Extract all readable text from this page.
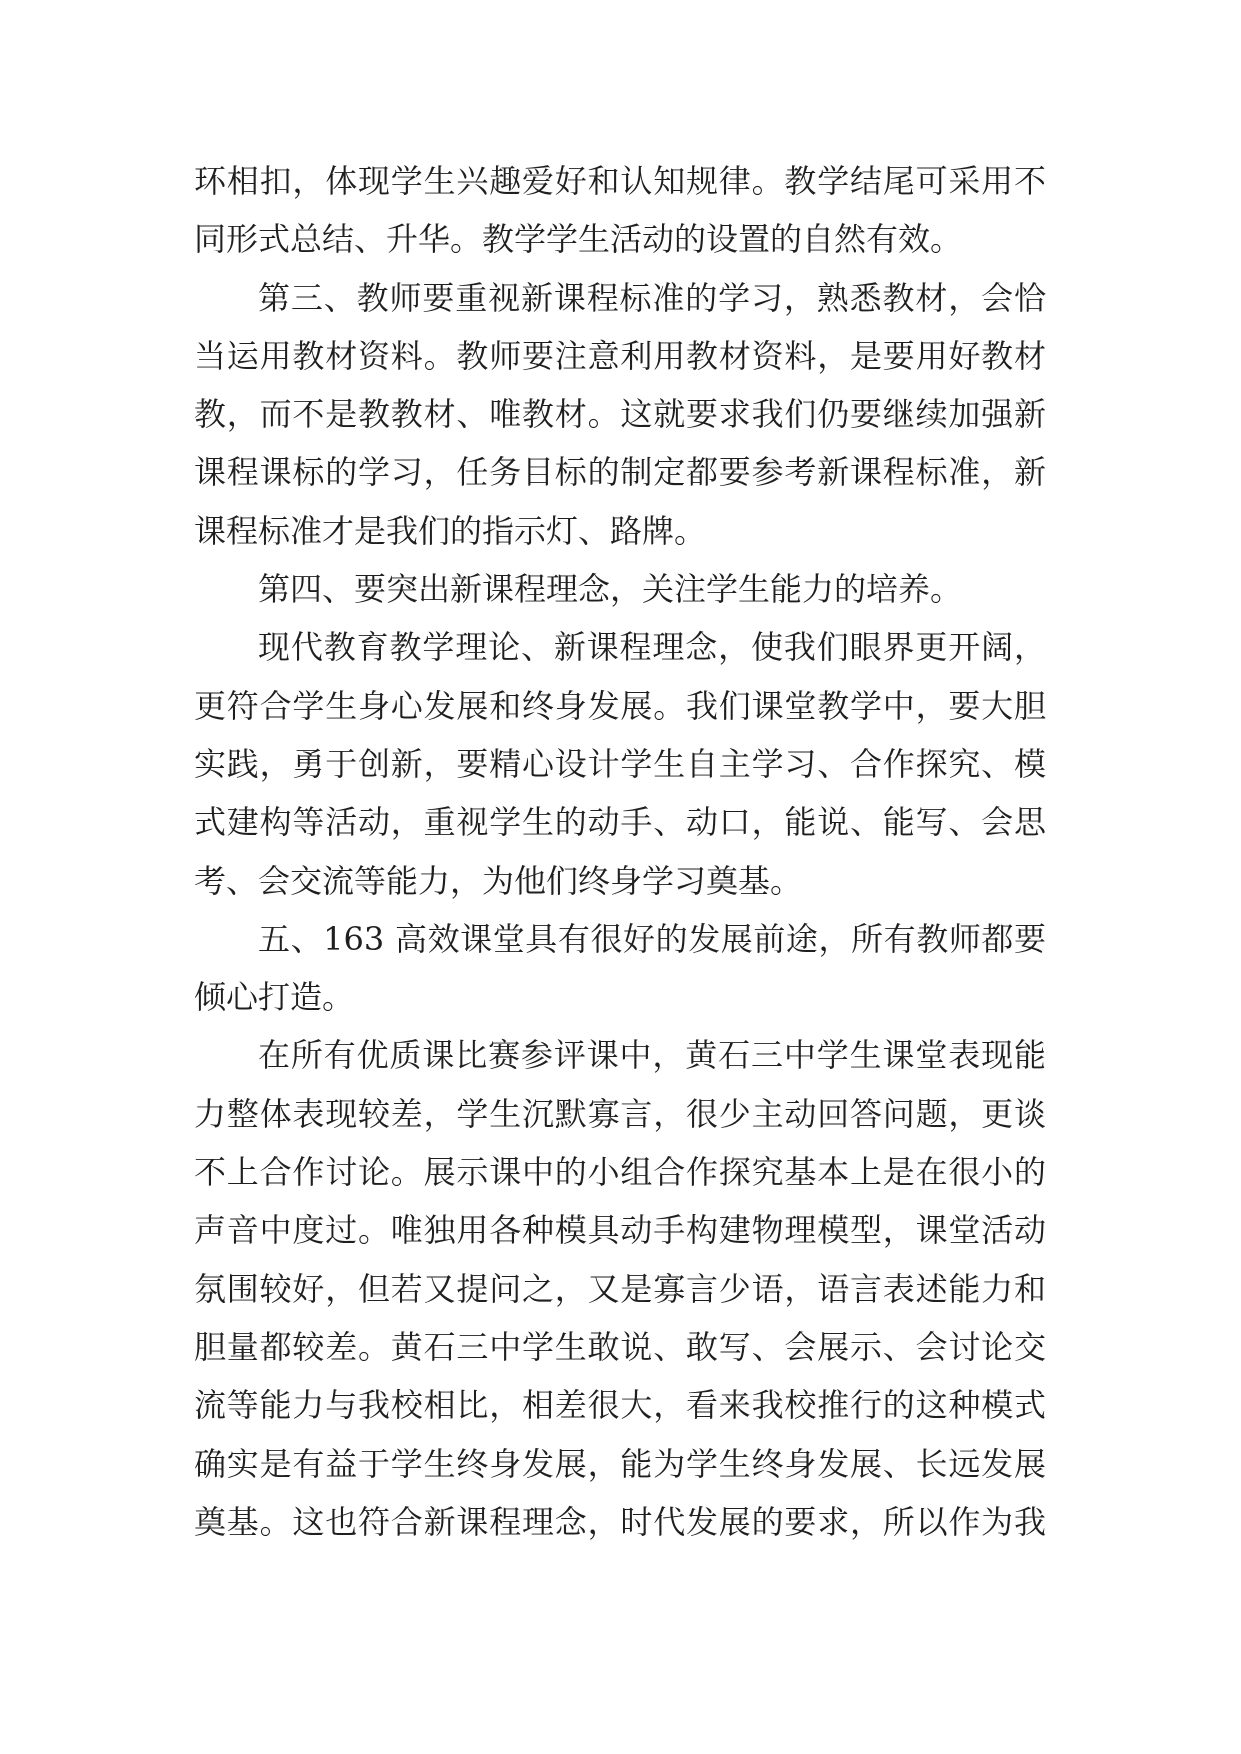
环相扣，体现学生兴趣爱好和认知规律。教学结尾可采用不
同形式总结、升华。教学学生活动的设置的自然有效。
第三、教师要重视新课程标准的学习，熟悉教材，会恰
当运用教材资料。教师要注意利用教材资料，是要用好教材
教，而不是教教材、唯教材。这就要求我们仍要继续加强新
课程课标的学习，任务目标的制定都要参考新课程标准，新
课程标准才是我们的指示灯、路牌。
第四、要突出新课程理念，关注学生能力的培养。
现代教育教学理论、新课程理念，使我们眼界更开阔，
更符合学生身心发展和终身发展。我们课堂教学中，要大胆
实践，勇于创新，要精心设计学生自主学习、合作探究、模
式建构等活动，重视学生的动手、动口，能说、能写、会思
考、会交流等能力，为他们终身学习奠基。
五、163 高效课堂具有很好的发展前途，所有教师都要
倾心打造。
在所有优质课比赛参评课中，黄石三中学生课堂表现能
力整体表现较差，学生沉默寡言，很少主动回答问题，更谈
不上合作讨论。展示课中的小组合作探究基本上是在很小的
声音中度过。唯独用各种模具动手构建物理模型，课堂活动
氛围较好，但若又提问之，又是寡言少语，语言表述能力和
胆量都较差。黄石三中学生敢说、敢写、会展示、会讨论交
流等能力与我校相比，相差很大，看来我校推行的这种模式
确实是有益于学生终身发展，能为学生终身发展、长远发展
奠基。这也符合新课程理念，时代发展的要求，所以作为我
